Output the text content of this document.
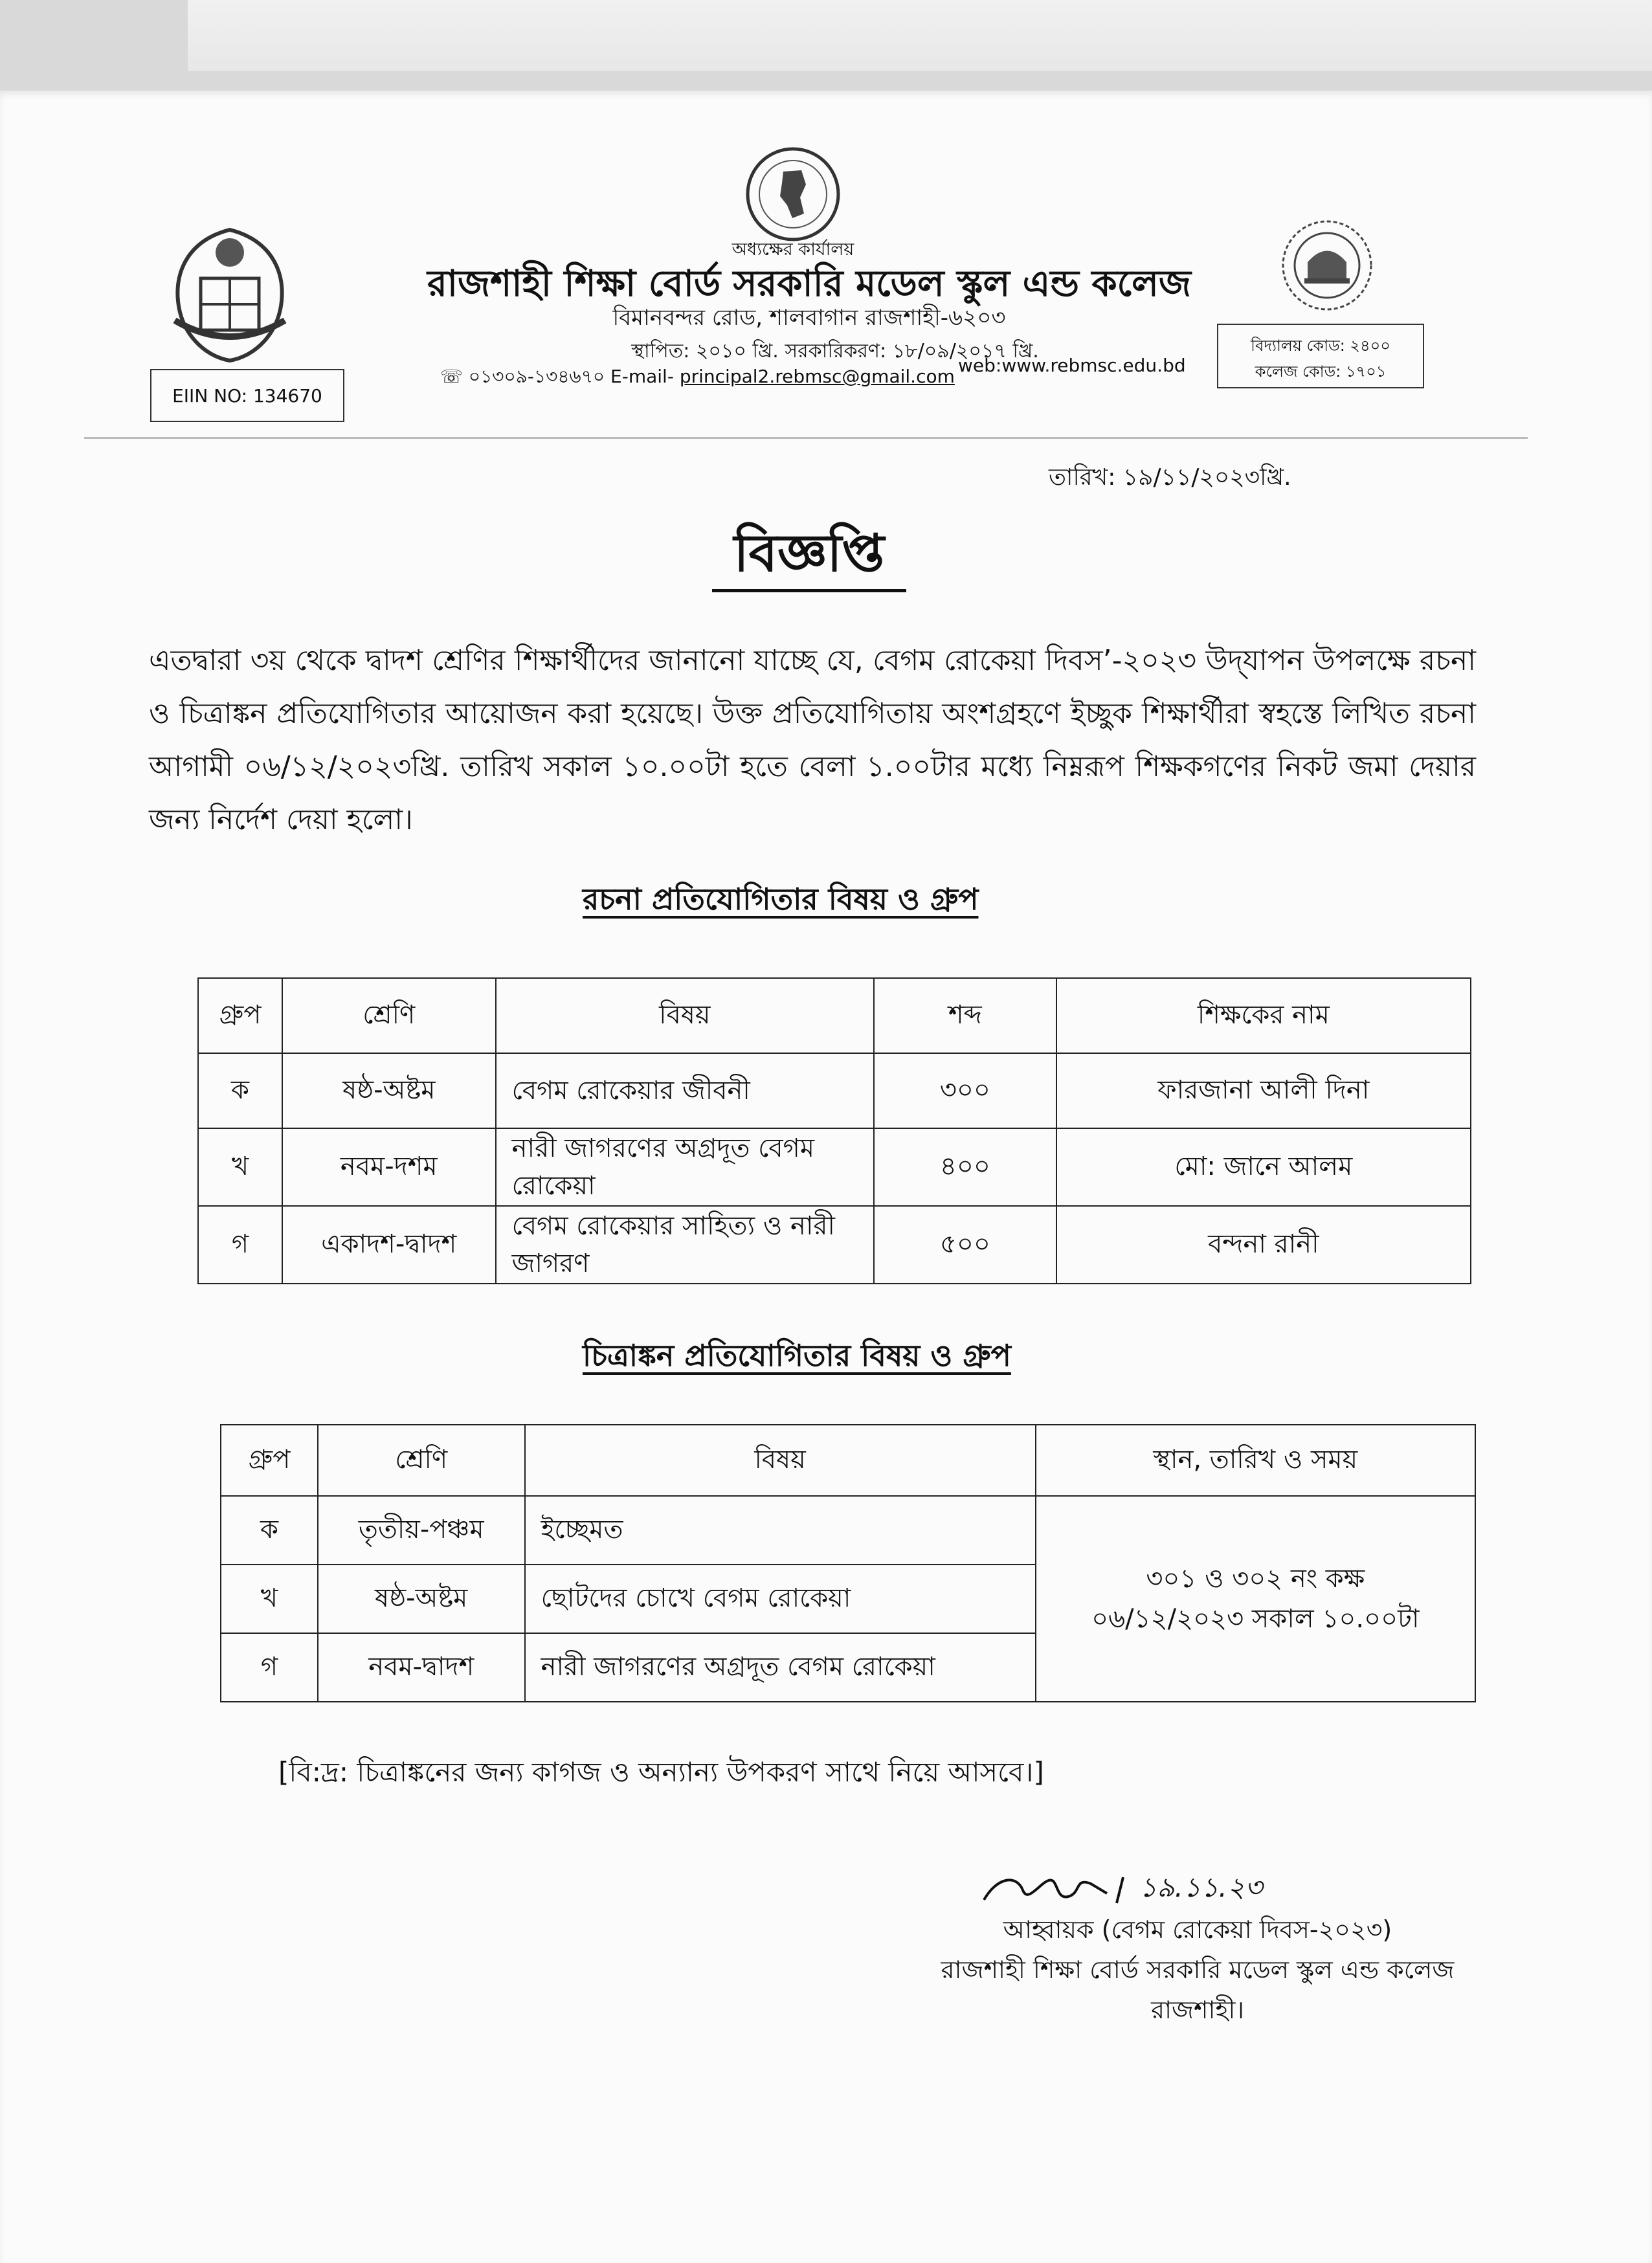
অধ্যক্ষের কার্যালয়
রাজশাহী শিক্ষা বোর্ড সরকারি মডেল স্কুল এন্ড কলেজ
বিমানবন্দর রোড, শালবাগান রাজশাহী-৬২০৩
স্থাপিত: ২০১০ খ্রি. সরকারিকরণ: ১৮/০৯/২০১৭ খ্রি.
☏ ০১৩০৯-১৩৪৬৭০ E-mail- principal2.rebmsc@gmail.com
web:www.rebmsc.edu.bd
EIIN NO: 134670
বিদ্যালয় কোড: ২৪০০
কলেজ কোড: ১৭০১
তারিখ: ১৯/১১/২০২৩খ্রি.
বিজ্ঞপ্তি
এতদ্বারা ৩য় থেকে দ্বাদশ শ্রেণির শিক্ষার্থীদের জানানো যাচ্ছে যে, বেগম রোকেয়া দিবস’-২০২৩ উদ্‌যাপন উপলক্ষে রচনা ও চিত্রাঙ্কন প্রতিযোগিতার আয়োজন করা হয়েছে। উক্ত প্রতিযোগিতায় অংশগ্রহণে ইচ্ছুক শিক্ষার্থীরা স্বহস্তে লিখিত রচনা আগামী ০৬/১২/২০২৩খ্রি. তারিখ সকাল ১০.০০টা হতে বেলা ১.০০টার মধ্যে নিম্নরূপ শিক্ষকগণের নিকট জমা দেয়ার জন্য নির্দেশ দেয়া হলো।
রচনা প্রতিযোগিতার বিষয় ও গ্রুপ
গ্রুপ	শ্রেণি	বিষয়	শব্দ	শিক্ষকের নাম
ক	ষষ্ঠ-অষ্টম	বেগম রোকেয়ার জীবনী	৩০০	ফারজানা আলী দিনা
খ	নবম-দশম	নারী জাগরণের অগ্রদূত বেগম রোকেয়া	৪০০	মো: জানে আলম
গ	একাদশ-দ্বাদশ	বেগম রোকেয়ার সাহিত্য ও নারী জাগরণ	৫০০	বন্দনা রানী
চিত্রাঙ্কন প্রতিযোগিতার বিষয় ও গ্রুপ
গ্রুপ	শ্রেণি	বিষয়	স্থান, তারিখ ও সময়
ক	তৃতীয়-পঞ্চম	ইচ্ছেমত	৩০১ ও ৩০২ নং কক্ষ
০৬/১২/২০২৩ সকাল ১০.০০টা

খ	ষষ্ঠ-অষ্টম	ছোটদের চোখে বেগম রোকেয়া	
গ	নবম-দ্বাদশ	নারী জাগরণের অগ্রদূত বেগম রোকেয়া	
[বি:দ্র: চিত্রাঙ্কনের জন্য কাগজ ও অন্যান্য উপকরণ সাথে নিয়ে আসবে।]
১৯.১১.২৩
আহ্বায়ক (বেগম রোকেয়া দিবস-২০২৩)
রাজশাহী শিক্ষা বোর্ড সরকারি মডেল স্কুল এন্ড কলেজ
রাজশাহী।
